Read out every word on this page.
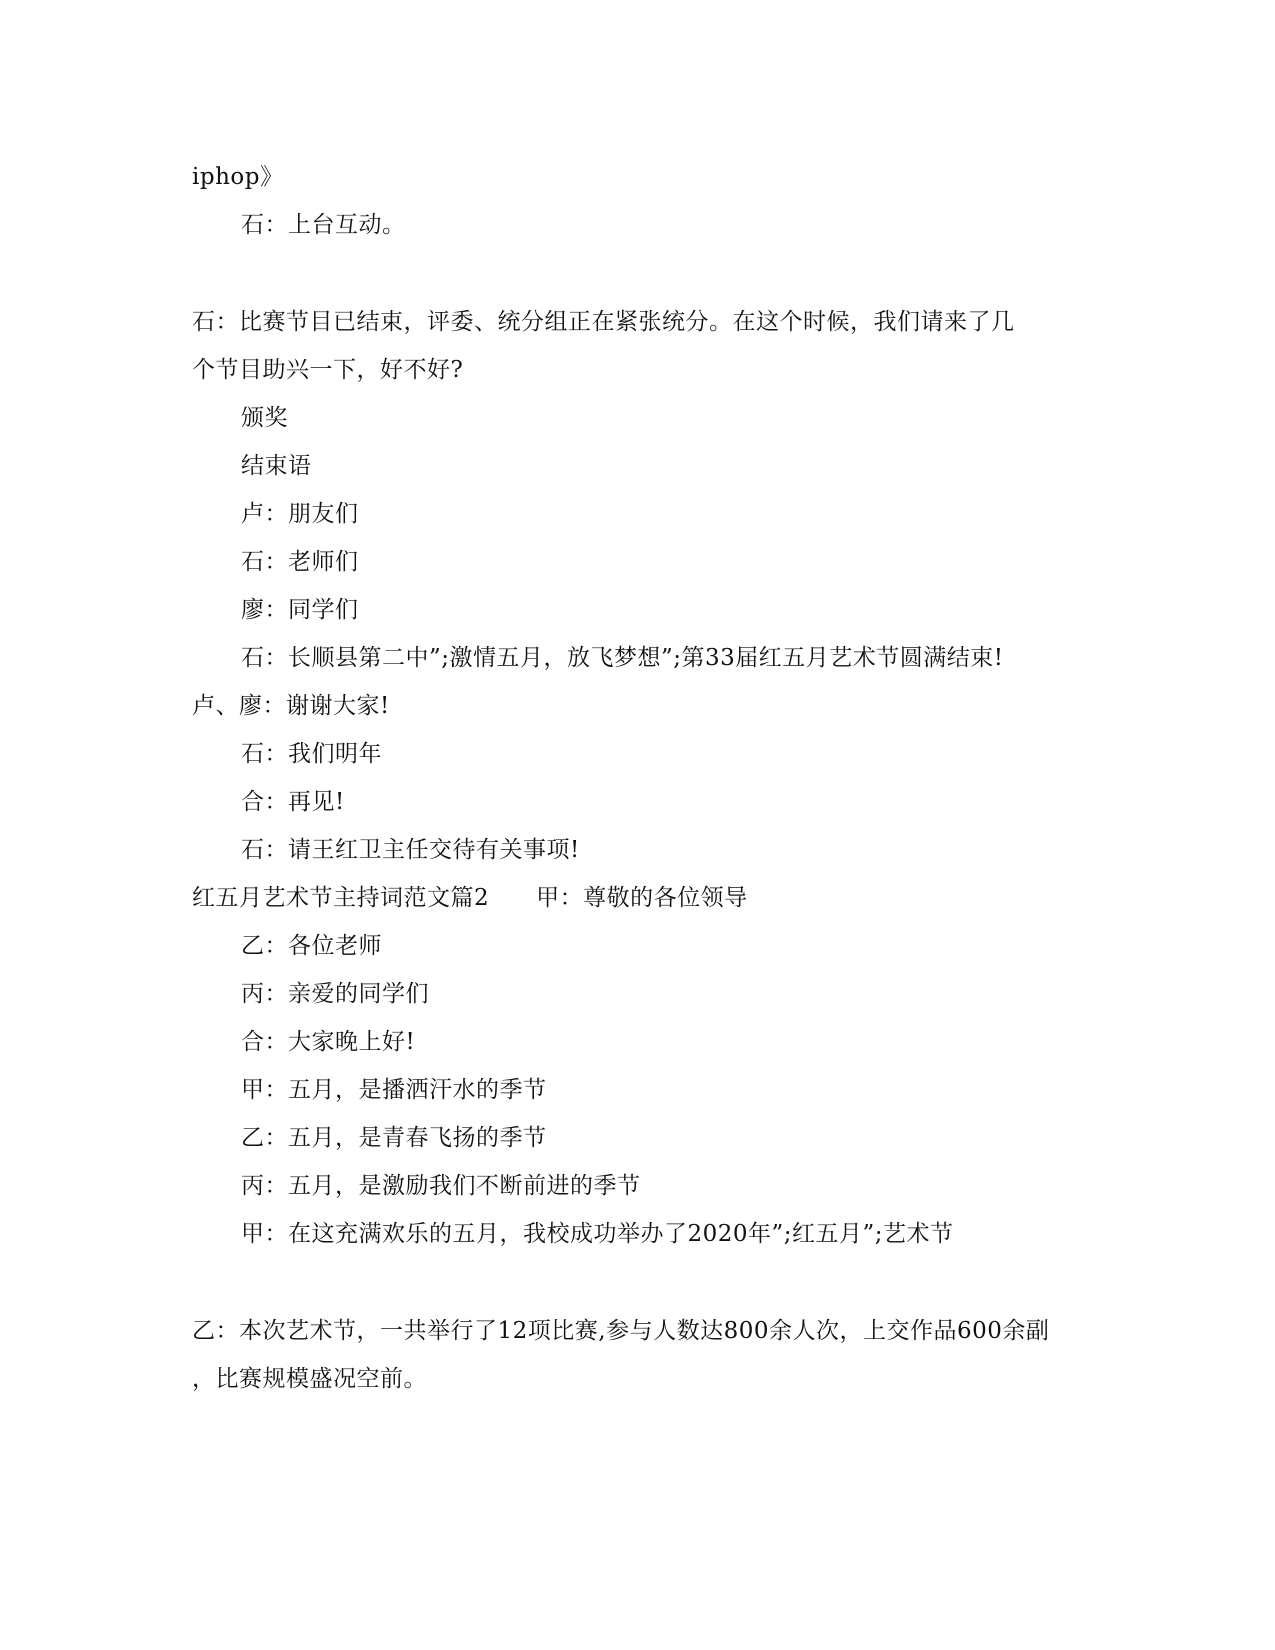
iphop》
石：上台互动。
石：比赛节目已结束，评委、统分组正在紧张统分。在这个时候，我们请来了几
个节目助兴一下，好不好?
颁奖
结束语
卢：朋友们
石：老师们
廖：同学们
石：长顺县第二中”;激情五月，放飞梦想”;第33届红五月艺术节圆满结束!
卢、廖：谢谢大家!
石：我们明年
合：再见!
石：请王红卫主任交待有关事项!
红五月艺术节主持词范文篇2　　甲：尊敬的各位领导
乙：各位老师
丙：亲爱的同学们
合：大家晚上好!
甲：五月，是播洒汗水的季节
乙：五月，是青春飞扬的季节
丙：五月，是激励我们不断前进的季节
甲：在这充满欢乐的五月，我校成功举办了2020年”;红五月”;艺术节
乙：本次艺术节，一共举行了12项比赛,参与人数达800余人次，上交作品600余副
，比赛规模盛况空前。
